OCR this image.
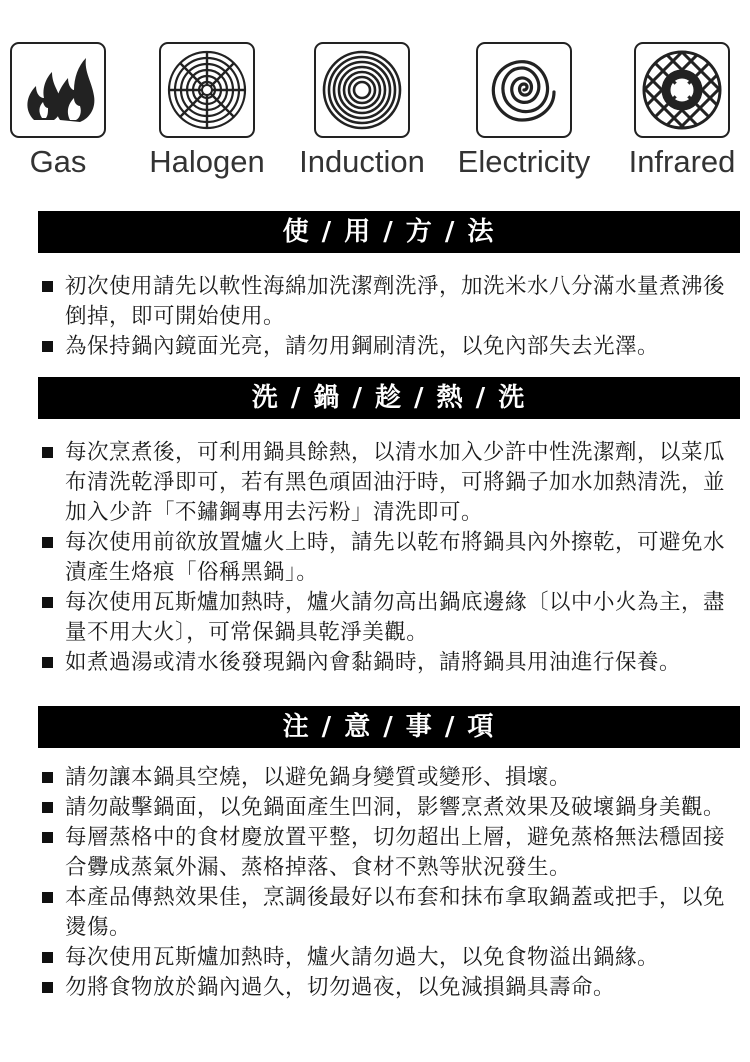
Gas Halogen Induction Electricity Infrared
使 / 用 / 方 / 法
初次使用請先以軟性海綿加洗潔劑洗淨，加洗米水八分滿水量煮沸後倒掉，即可開始使用。
為保持鍋內鏡面光亮，請勿用鋼刷清洗，以免內部失去光澤。
洗 / 鍋 / 趁 / 熱 / 洗
每次烹煮後，可利用鍋具餘熱，以清水加入少許中性洗潔劑，以菜瓜布清洗乾淨即可，若有黑色頑固油汙時，可將鍋子加水加熱清洗，並加入少許「不鏽鋼專用去污粉」清洗即可。
每次使用前欲放置爐火上時，請先以乾布將鍋具內外擦乾，可避免水漬產生烙痕「俗稱黑鍋」。
每次使用瓦斯爐加熱時，爐火請勿高出鍋底邊緣〔以中小火為主，盡量不用大火〕，可常保鍋具乾淨美觀。
如煮過湯或清水後發現鍋內會黏鍋時，請將鍋具用油進行保養。
注 / 意 / 事 / 項
請勿讓本鍋具空燒，以避免鍋身變質或變形、損壞。
請勿敲擊鍋面，以免鍋面產生凹洞，影響烹煮效果及破壞鍋身美觀。
每層蒸格中的食材慶放置平整，切勿超出上層，避免蒸格無法穩固接合釁成蒸氣外漏、蒸格掉落、食材不熟等狀況發生。
本產品傳熱效果佳，烹調後最好以布套和抹布拿取鍋蓋或把手，以免燙傷。
每次使用瓦斯爐加熱時，爐火請勿過大，以免食物溢出鍋緣。
勿將食物放於鍋內過久，切勿過夜，以免減損鍋具壽命。
